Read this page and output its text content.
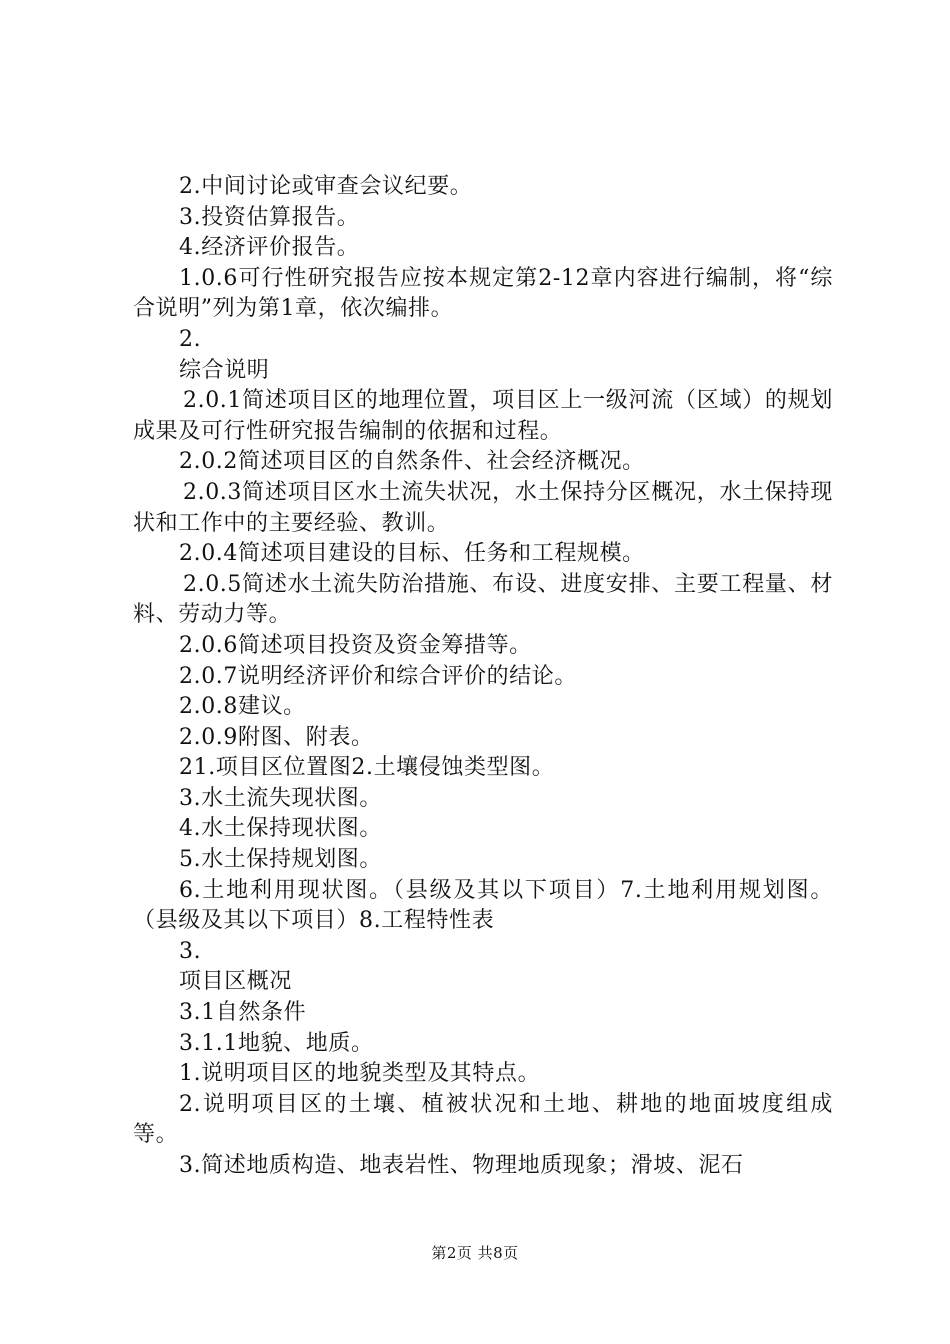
2.中间讨论或审查会议纪要。

3.投资估算报告。

4.经济评价报告。

1.0.6可行性研究报告应按本规定第2-12章内容进行编制，将“综合说明”列为第1章，依次编排。

2.

综合说明

2.0.1简述项目区的地理位置，项目区上一级河流（区域）的规划成果及可行性研究报告编制的依据和过程。

2.0.2简述项目区的自然条件、社会经济概况。

2.0.3简述项目区水土流失状况，水土保持分区概况，水土保持现状和工作中的主要经验、教训。

2.0.4简述项目建设的目标、任务和工程规模。

2.0.5简述水土流失防治措施、布设、进度安排、主要工程量、材料、劳动力等。

2.0.6简述项目投资及资金筹措等。

2.0.7说明经济评价和综合评价的结论。

2.0.8建议。

2.0.9附图、附表。

21.项目区位置图2.土壤侵蚀类型图。

3.水土流失现状图。

4.水土保持现状图。

5.水土保持规划图。

6.土地利用现状图。（县级及其以下项目）7.土地利用规划图。（县级及其以下项目）8.工程特性表

3.

项目区概况

3.1自然条件

3.1.1地貌、地质。

1.说明项目区的地貌类型及其特点。

2.说明项目区的土壤、植被状况和土地、耕地的地面坡度组成等。

3.简述地质构造、地表岩性、物理地质现象；滑坡、泥石

第2页 共8页
